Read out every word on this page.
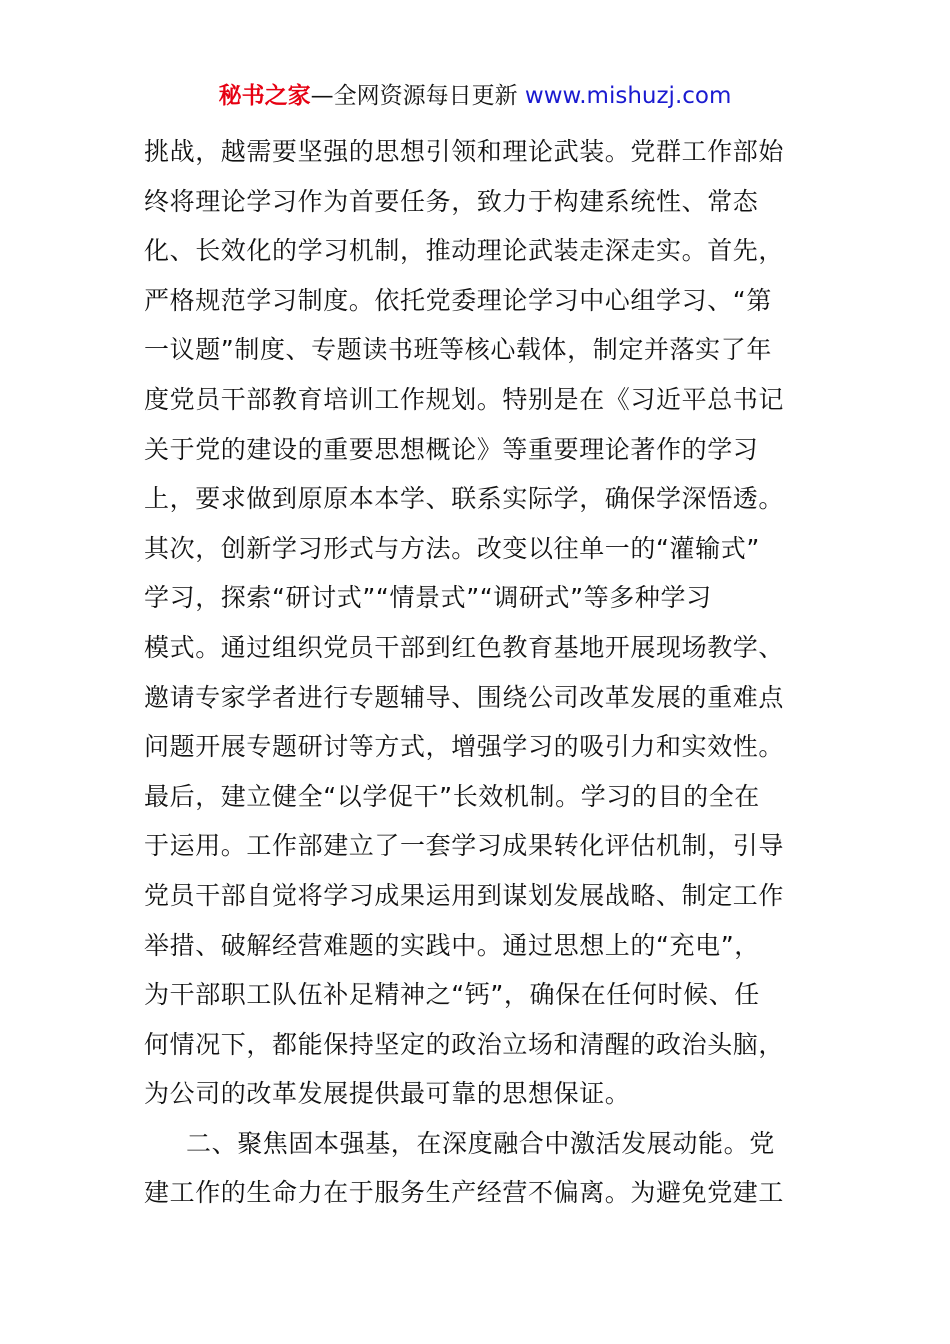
秘书之家—全网资源每日更新 www.mishuzj.com
挑战，越需要坚强的思想引领和理论武装。党群工作部始
终将理论学习作为首要任务，致力于构建系统性、常态
化、长效化的学习机制，推动理论武装走深走实。首先，
严格规范学习制度。依托党委理论学习中心组学习、“第
一议题”制度、专题读书班等核心载体，制定并落实了年
度党员干部教育培训工作规划。特别是在《习近平总书记
关于党的建设的重要思想概论》等重要理论著作的学习
上，要求做到原原本本学、联系实际学，确保学深悟透。
其次，创新学习形式与方法。改变以往单一的“灌输式”
学习，探索“研讨式”“情景式”“调研式”等多种学习
模式。通过组织党员干部到红色教育基地开展现场教学、
邀请专家学者进行专题辅导、围绕公司改革发展的重难点
问题开展专题研讨等方式，增强学习的吸引力和实效性。
最后，建立健全“以学促干”长效机制。学习的目的全在
于运用。工作部建立了一套学习成果转化评估机制，引导
党员干部自觉将学习成果运用到谋划发展战略、制定工作
举措、破解经营难题的实践中。通过思想上的“充电”，
为干部职工队伍补足精神之“钙”，确保在任何时候、任
何情况下，都能保持坚定的政治立场和清醒的政治头脑，
为公司的改革发展提供最可靠的思想保证。
二、聚焦固本强基，在深度融合中激活发展动能。党
建工作的生命力在于服务生产经营不偏离。为避免党建工
